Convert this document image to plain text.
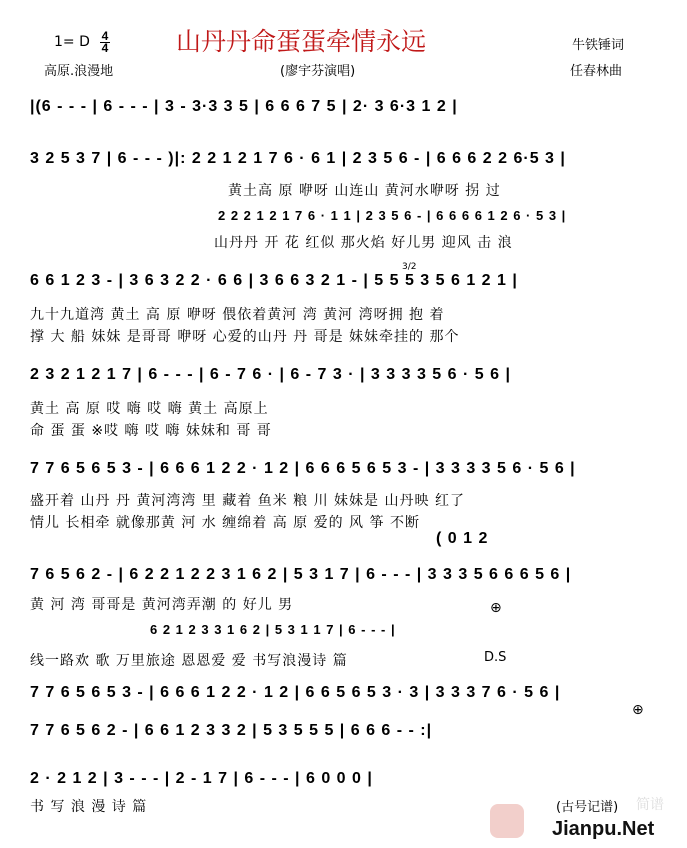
1= D 4
4	山丹丹命蛋蛋牵情永远	牛铁锤词
高原.浪漫地	(廖宇芬演唱)	任春林曲
|(6 - - - | 6 - - - | 3 - 3·3 3 5 | 6 6 6 7 5 | 2· 3 6·3 1 2 |
3 2 5 3 7 | 6 - - - )|: 2 2 1 2 1 7 6 · 6 1 | 2 3 5 6 - | 6 6 6 2 2 6·5 3 |
黄土高 原 咿呀 山连山 黄河水咿呀 拐 过
2 2 2 1 2 1 7 6 · 1 1 | 2 3 5 6 - | 6 6 6 6 1 2 6 · 5 3 |
山丹丹 开 花 红似 那火焰 好儿男 迎风 击 浪
6 6 1 2 3 - | 3 6 3 2 2 · 6 6 | 3 6 6 3 2 1 - | 5 5 5 3 5 6 1 2 1 |
3/2
九十九道湾 黄土 高 原 咿呀 偎依着黄河 湾 黄河 湾呀拥 抱 着
撑 大 船 妹妹 是哥哥 咿呀 心爱的山丹 丹 哥是 妹妹牵挂的 那个
2 3 2 1 2 1 7 | 6 - - - | 6 - 7 6 · | 6 - 7 3 · | 3 3 3 3 5 6 · 5 6 |
黄土 高 原 哎 嗨 哎 嗨 黄土 高原上
命 蛋 蛋 ※哎 嗨 哎 嗨 妹妹和 哥 哥
7 7 6 5 6 5 3 - | 6 6 6 1 2 2 · 1 2 | 6 6 6 5 6 5 3 - | 3 3 3 3 5 6 · 5 6 |
盛开着 山丹 丹 黄河湾湾 里 藏着 鱼米 粮 川 妹妹是 山丹映 红了
情儿 长相牵 就像那黄 河 水 缠绵着 高 原 爱的 风 筝 不断
( 0 1 2
7 6 5 6 2 - | 6 2 2 1 2 2 3 1 6 2 | 5 3 1 7 | 6 - - - | 3 3 3 5 6 6 6 5 6 |
黄 河 湾 哥哥是 黄河湾弄潮 的 好儿 男	⊕
6 2 1 2 3 3 1 6 2 | 5 3 1 1 7 | 6 - - - |
线一路欢 歌 万里旅途 恩恩爱 爱 书写浪漫诗 篇	D.S
7 7 6 5 6 5 3 - | 6 6 6 1 2 2 · 1 2 | 6 6 5 6 5 3 · 3 | 3 3 3 7 6 · 5 6 |
7 7 6 5 6 2 - | 6 6 1 2 3 3 2 | 5 3 5 5 5 | 6 6 6 - - :|
⊕
2 · 2 1 2 | 3 - - - | 2 - 1 7 | 6 - - - | 6 0 0 0 |
书 写 浪 漫 诗 篇	(古号记谱) 简谱
Jianpu.Net
